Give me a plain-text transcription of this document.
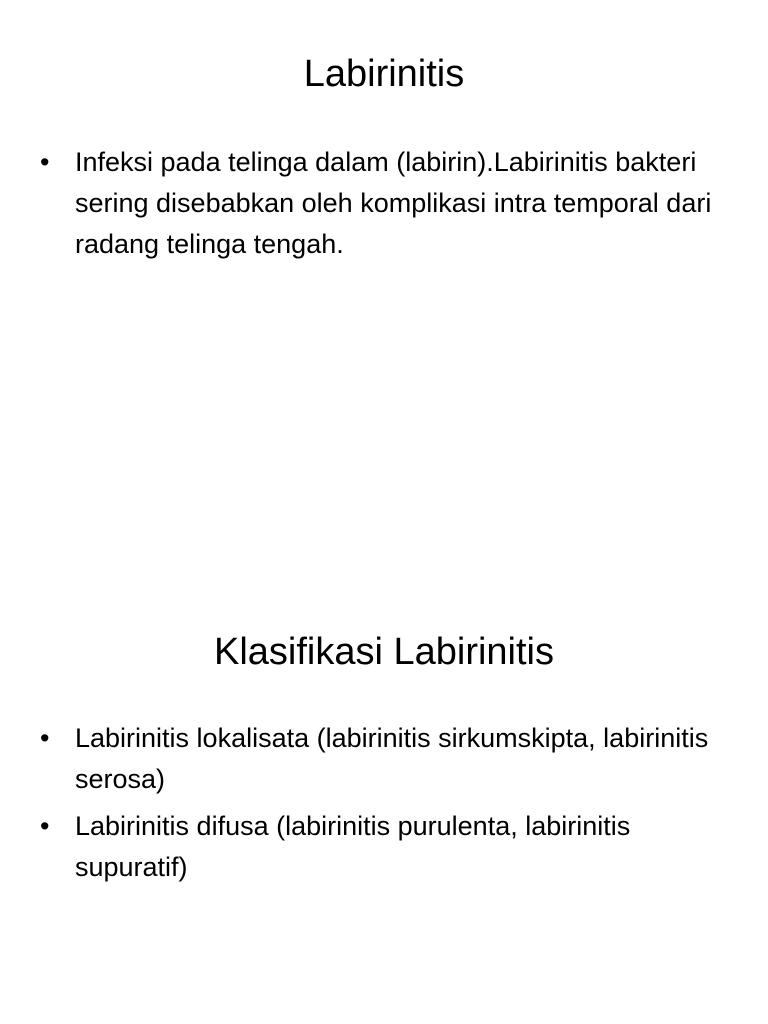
Labirinitis
• Infeksi pada telinga dalam (labirin).Labirinitis bakteri sering disebabkan oleh komplikasi intra temporal dari radang telinga tengah.
Klasifikasi Labirinitis
• Labirinitis lokalisata (labirinitis sirkumskipta, labirinitis serosa)
• Labirinitis difusa (labirinitis purulenta, labirinitis supuratif)
